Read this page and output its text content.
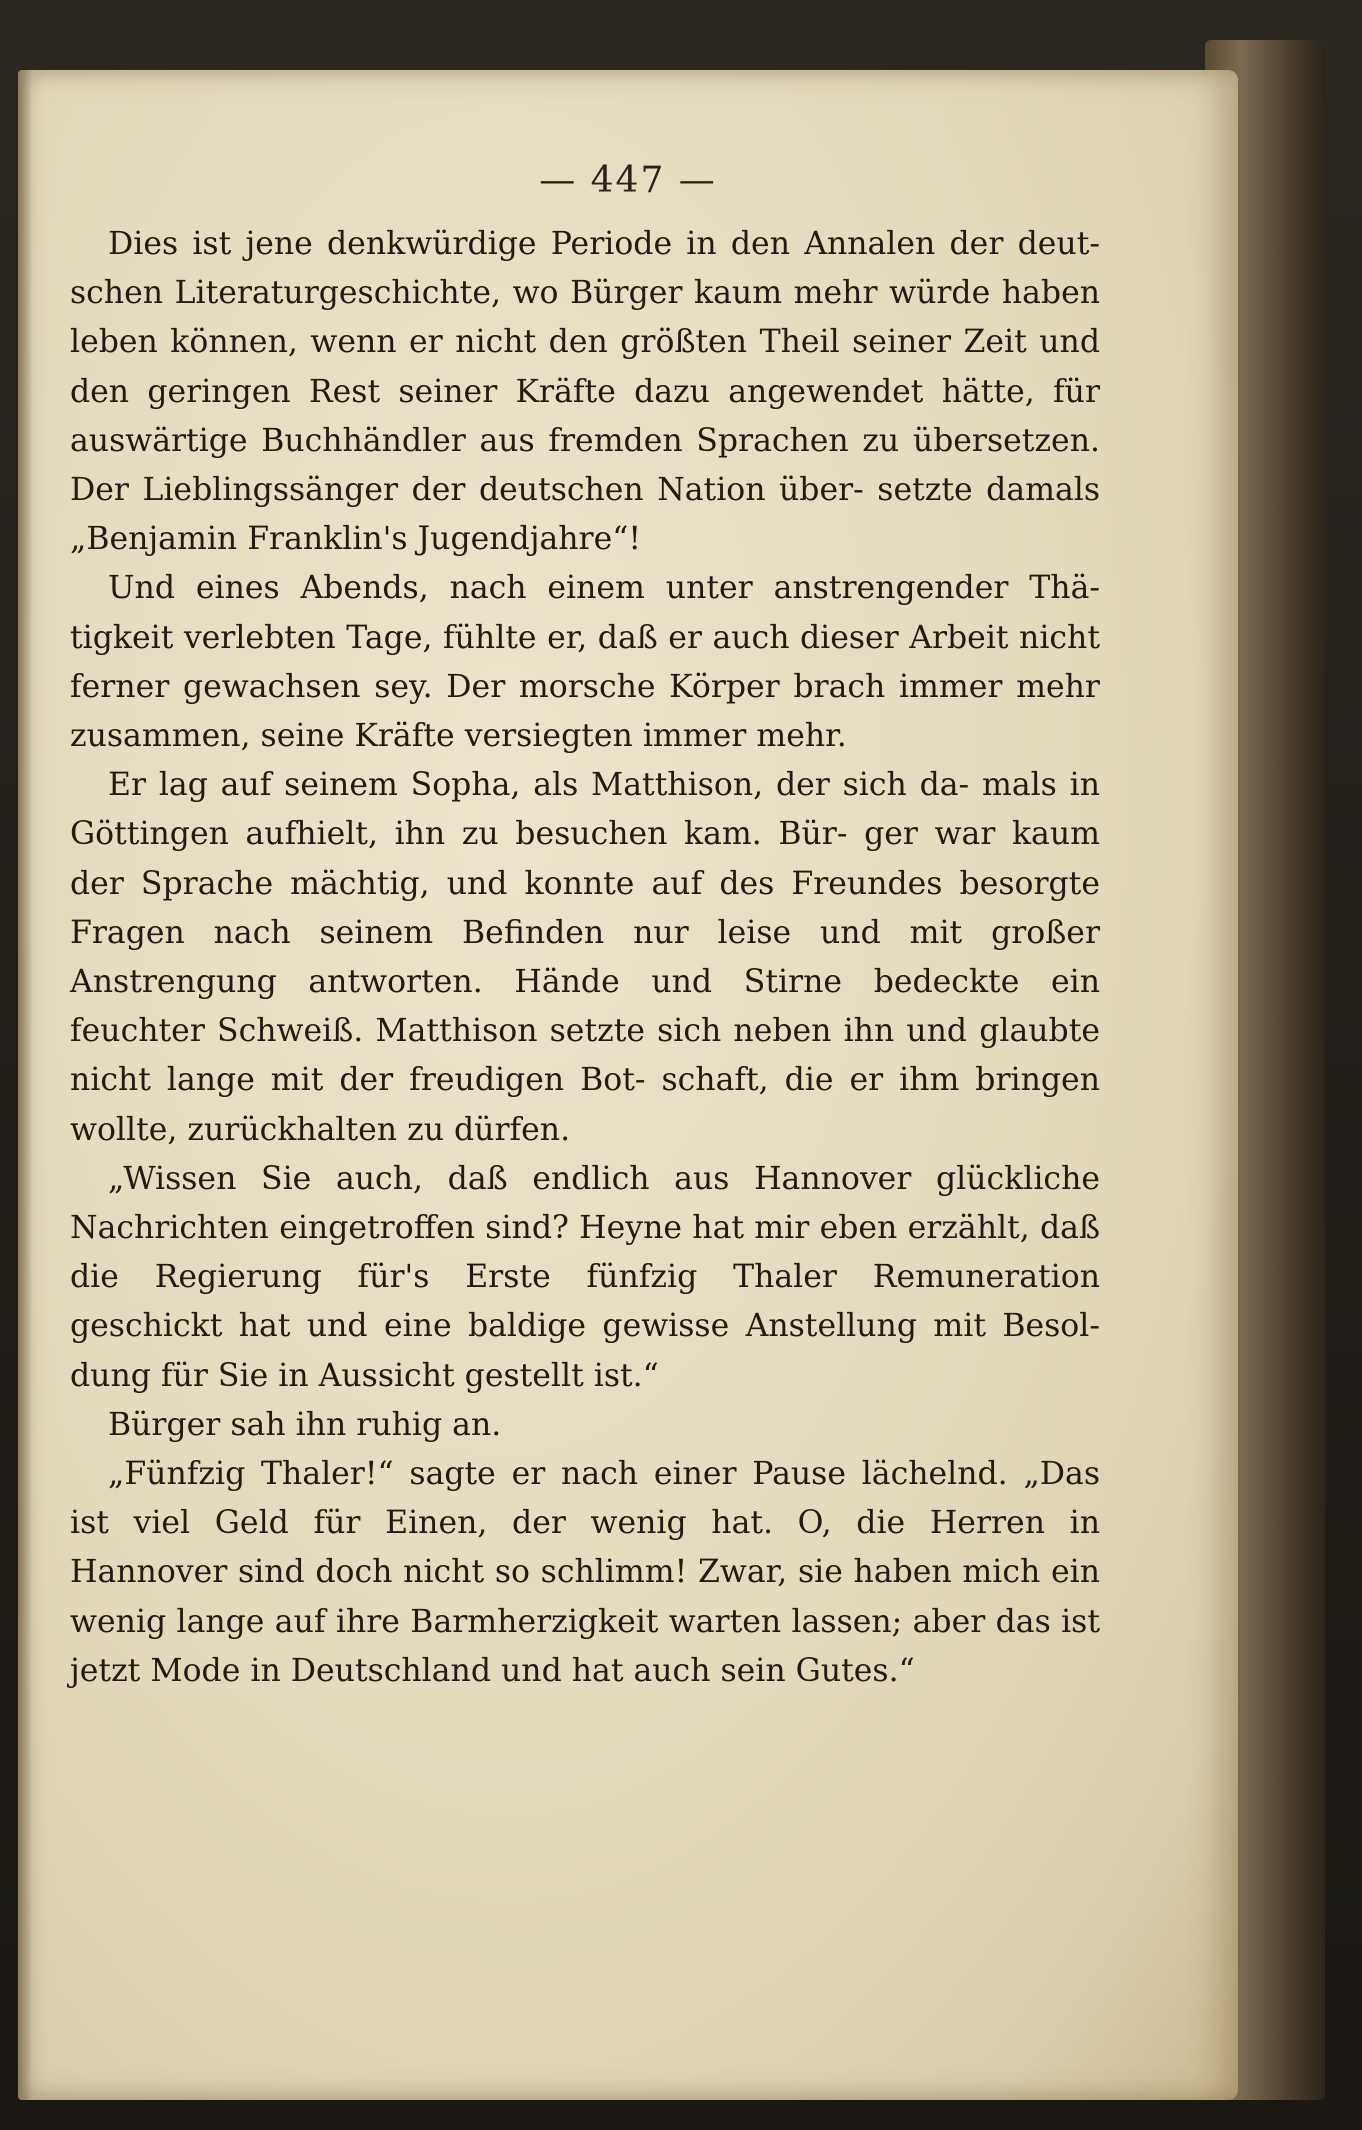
— 447 —

Dies ist jene denkwürdige Periode in den Annalen der deut- schen Literaturgeschichte, wo Bürger kaum mehr würde haben leben können, wenn er nicht den größten Theil seiner Zeit und den geringen Rest seiner Kräfte dazu angewendet hätte, für auswärtige Buchhändler aus fremden Sprachen zu übersetzen. Der Lieblingssänger der deutschen Nation über- setzte damals „Benjamin Franklin's Jugendjahre“!

Und eines Abends, nach einem unter anstrengender Thä- tigkeit verlebten Tage, fühlte er, daß er auch dieser Arbeit nicht ferner gewachsen sey. Der morsche Körper brach immer mehr zusammen, seine Kräfte versiegten immer mehr.

Er lag auf seinem Sopha, als Matthison, der sich da- mals in Göttingen aufhielt, ihn zu besuchen kam. Bür- ger war kaum der Sprache mächtig, und konnte auf des Freundes besorgte Fragen nach seinem Befinden nur leise und mit großer Anstrengung antworten. Hände und Stirne bedeckte ein feuchter Schweiß. Matthison setzte sich neben ihn und glaubte nicht lange mit der freudigen Bot- schaft, die er ihm bringen wollte, zurückhalten zu dürfen.

„Wissen Sie auch, daß endlich aus Hannover glückliche Nachrichten eingetroffen sind? Heyne hat mir eben erzählt, daß die Regierung für's Erste fünfzig Thaler Remuneration geschickt hat und eine baldige gewisse Anstellung mit Besol- dung für Sie in Aussicht gestellt ist.“

Bürger sah ihn ruhig an.

„Fünfzig Thaler!“ sagte er nach einer Pause lächelnd. „Das ist viel Geld für Einen, der wenig hat. O, die Herren in Hannover sind doch nicht so schlimm! Zwar, sie haben mich ein wenig lange auf ihre Barmherzigkeit warten lassen; aber das ist jetzt Mode in Deutschland und hat auch sein Gutes.“
